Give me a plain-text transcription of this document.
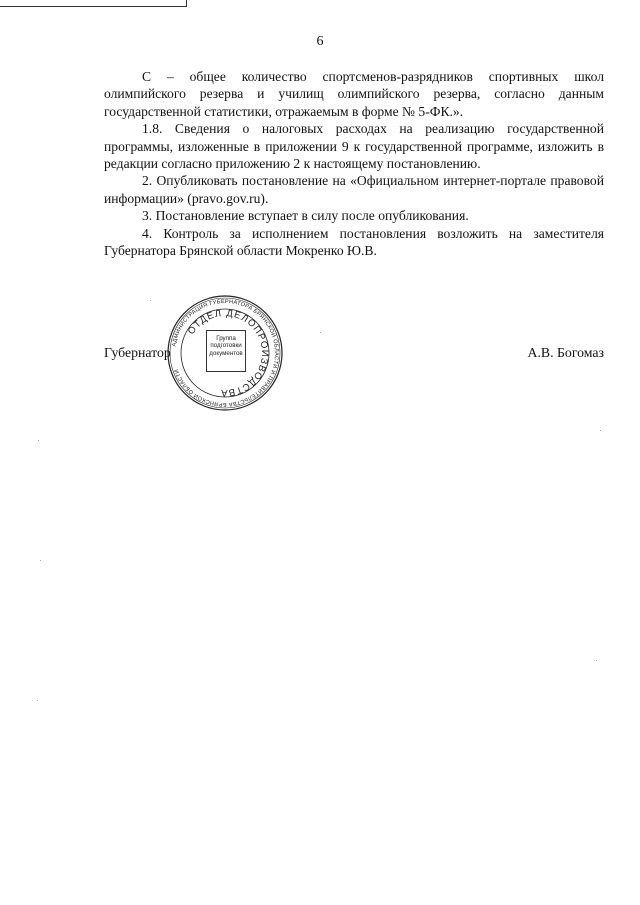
6

С – общее количество спортсменов-разрядников спортивных школ олимпийского резерва и училищ олимпийского резерва, согласно данным государственной статистики, отражаемым в форме № 5-ФК.».

1.8. Сведения о налоговых расходах на реализацию государственной программы, изложенные в приложении 9 к государственной программе, изложить в редакции согласно приложению 2 к настоящему постановлению.

2. Опубликовать постановление на «Официальном интернет-портале правовой информации» (pravo.gov.ru).

3. Постановление вступает в силу после опубликования.

4. Контроль за исполнением постановления возложить на заместителя Губернатора Брянской области Мокренко Ю.В.

Губернатор	А.В. Богомаз
АДМИНИСТРАЦИЯ ГУБЕРНАТОРА БРЯНСКОЙ ОБЛАСТИ И ПРАВИТЕЛЬСТВА БРЯНСКОЙ ОБЛАСТИ
ОТДЕЛ ДЕЛОПРОИЗВОДСТВА
Группа
подготовки
документов
